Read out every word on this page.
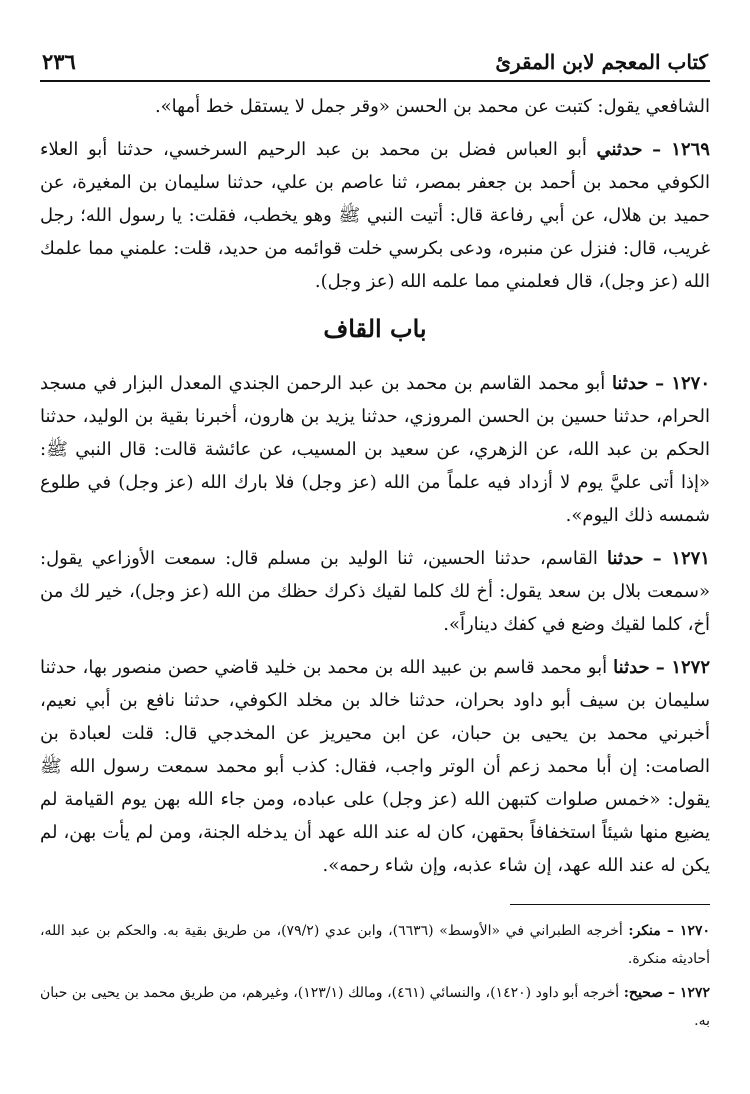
كتاب المعجم لابن المقرئ
٢٣٦

الشافعي يقول: كتبت عن محمد بن الحسن «وقر جمل لا يستقل خط أمها».

١٢٦٩ – حدثني أبو العباس فضل بن محمد بن عبد الرحيم السرخسي، حدثنا أبو العلاء الكوفي محمد بن أحمد بن جعفر بمصر، ثنا عاصم بن علي، حدثنا سليمان بن المغيرة، عن حميد بن هلال، عن أبي رفاعة قال: أتيت النبي ﷺ وهو يخطب، فقلت: يا رسول الله؛ رجل غريب، قال: فنزل عن منبره، ودعى بكرسي خلت قوائمه من حديد، قلت: علمني مما علمك الله (عز وجل)، قال فعلمني مما علمه الله (عز وجل).

باب القاف

١٢٧٠ – حدثنا أبو محمد القاسم بن محمد بن عبد الرحمن الجندي المعدل البزار في مسجد الحرام، حدثنا حسين بن الحسن المروزي، حدثنا يزيد بن هارون، أخبرنا بقية بن الوليد، حدثنا الحكم بن عبد الله، عن الزهري، عن سعيد بن المسيب، عن عائشة قالت: قال النبي ﷺ: «إذا أتى عليَّ يوم لا أزداد فيه علماً من الله (عز وجل) فلا بارك الله (عز وجل) في طلوع شمسه ذلك اليوم».

١٢٧١ – حدثنا القاسم، حدثنا الحسين، ثنا الوليد بن مسلم قال: سمعت الأوزاعي يقول: «سمعت بلال بن سعد يقول: أخ لك كلما لقيك ذكرك حظك من الله (عز وجل)، خير لك من أخ، كلما لقيك وضع في كفك ديناراً».

١٢٧٢ – حدثنا أبو محمد قاسم بن عبيد الله بن محمد بن خليد قاضي حصن منصور بها، حدثنا سليمان بن سيف أبو داود بحران، حدثنا خالد بن مخلد الكوفي، حدثنا نافع بن أبي نعيم، أخبرني محمد بن يحيى بن حبان، عن ابن محيريز عن المخدجي قال: قلت لعبادة بن الصامت: إن أبا محمد زعم أن الوتر واجب، فقال: كذب أبو محمد سمعت رسول الله ﷺ يقول: «خمس صلوات كتبهن الله (عز وجل) على عباده، ومن جاء الله بهن يوم القيامة لم يضيع منها شيئاً استخفافاً بحقهن، كان له عند الله عهد أن يدخله الجنة، ومن لم يأت بهن، لم يكن له عند الله عهد، إن شاء عذبه، وإن شاء رحمه».

١٢٧٠ – منكر: أخرجه الطبراني في «الأوسط» (٦٦٣٦)، وابن عدي (٧٩/٢)، من طريق بقية به. والحكم بن عبد الله، أحاديثه منكرة.

١٢٧٢ – صحيح: أخرجه أبو داود (١٤٢٠)، والنسائي (٤٦١)، ومالك (١٢٣/١)، وغيرهم، من طريق محمد بن يحيى بن حبان به.
